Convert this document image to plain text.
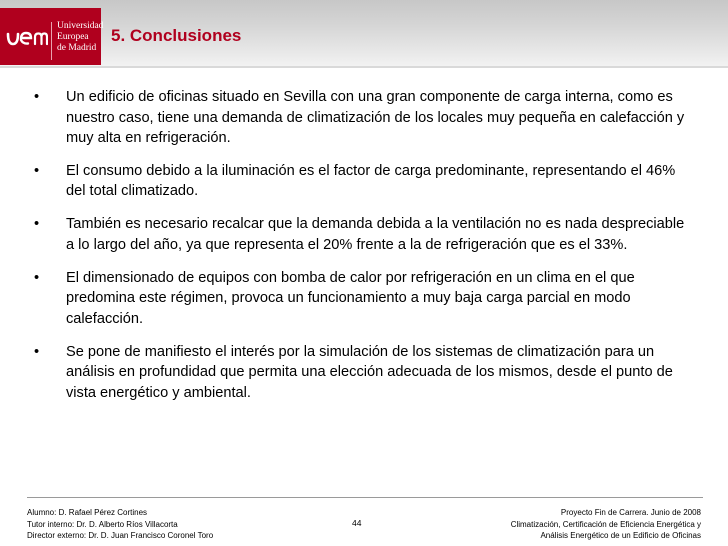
Universidad
Europea
de Madrid
5. Conclusiones
• Un edificio de oficinas situado en Sevilla con una gran componente de carga interna, como es nuestro caso, tiene una demanda de climatización de los locales muy pequeña en calefacción y muy alta en refrigeración.
• El consumo debido a la iluminación es el factor de carga predominante, representando el 46% del total climatizado.
• También es necesario recalcar que la demanda debida a la ventilación no es nada despreciable a lo largo del año, ya que representa el 20% frente a la de refrigeración que es el 33%.
• El dimensionado de equipos con bomba de calor por refrigeración en un clima en el que predomina este régimen, provoca un funcionamiento a muy baja carga parcial en modo calefacción.
• Se pone de manifiesto el interés por la simulación de los sistemas de climatización para un análisis en profundidad que permita una elección adecuada de los mismos, desde el punto de vista energético y ambiental.
Alumno: D. Rafael Pérez Cortines
Tutor interno: Dr. D. Alberto Ríos Villacorta
Director externo: Dr. D. Juan Francisco Coronel Toro
44
Proyecto Fin de Carrera. Junio de 2008
Climatización, Certificación de Eficiencia Energética y
Análisis Energético de un Edificio de Oficinas
